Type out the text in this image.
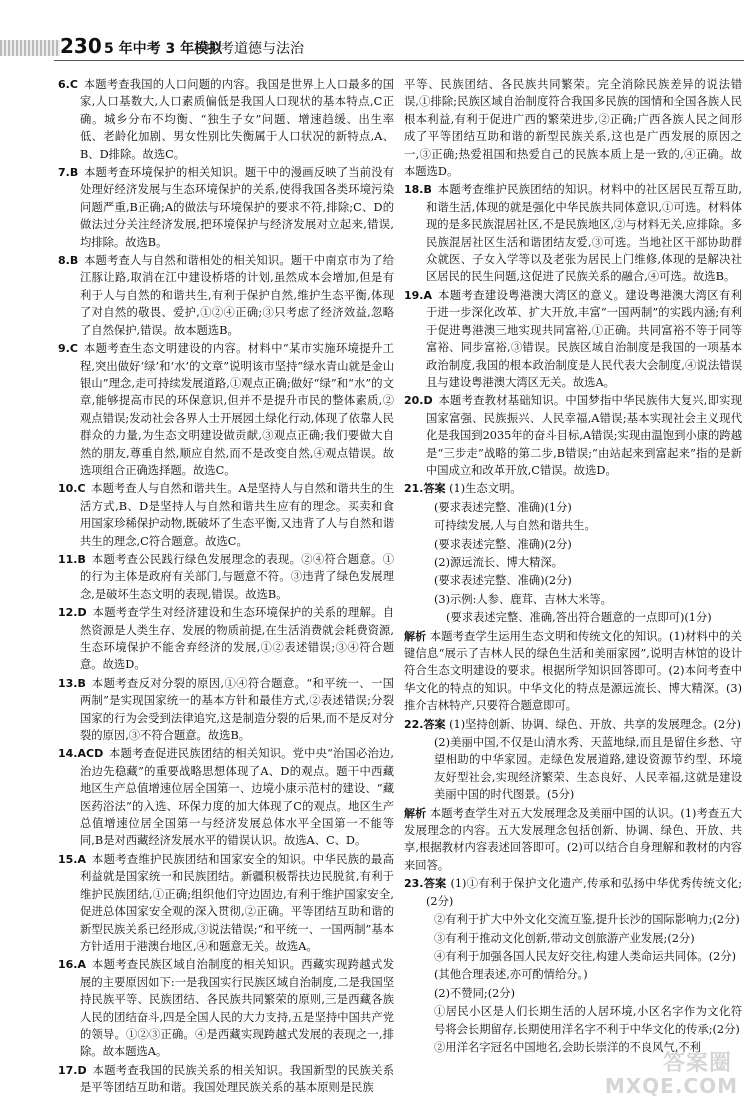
230 5 年中考 3 年模拟
中考道德与法治
6.C  本题考查我国的人口问题的内容。我国是世界上人口最多的国家,人口基数大,人口素质偏低是我国人口现状的基本特点,C正确。城乡分布不均衡、“独生子女”问题、增速趋缓、出生率低、老龄化加剧、男女性别比失衡属于人口状况的新特点,A、B、D排除。故选C。
7.B  本题考查环境保护的相关知识。题干中的漫画反映了当前没有处理好经济发展与生态环境保护的关系,使得我国各类环境污染问题严重,B正确;A的做法与环境保护的要求不符,排除;C、D的做法过分关注经济发展,把环境保护与经济发展对立起来,错误,均排除。故选B。
8.B  本题考查人与自然和谐相处的相关知识。题干中南京市为了给江豚让路,取消在江中建设桥塔的计划,虽然成本会增加,但是有利于人与自然的和谐共生,有利于保护自然,维护生态平衡,体现了对自然的敬畏、爱护,①②④正确;③只考虑了经济效益,忽略了自然保护,错误。故本题选B。
9.C  本题考查生态文明建设的内容。材料中“某市实施环境提升工程,突出做好‘绿’和‘水’的文章”说明该市坚持“绿水青山就是金山银山”理念,走可持续发展道路,①观点正确;做好“绿”和“水”的文章,能够提高市民的环保意识,但并不是提升市民的整体素质,②观点错误;发动社会各界人士开展园土绿化行动,体现了依靠人民群众的力量,为生态文明建设做贡献,③观点正确;我们要做大自然的朋友,尊重自然,顺应自然,而不是改变自然,④观点错误。故选项组合正确选择题。故选C。
10.C  本题考查人与自然和谐共生。A是坚持人与自然和谐共生的生活方式,B、D是坚持人与自然和谐共生应有的理念。买卖和食用国家珍稀保护动物,既破坏了生态平衡,又违背了人与自然和谐共生的理念,C符合题意。故选C。
11.B  本题考查公民践行绿色发展理念的表现。②④符合题意。①的行为主体是政府有关部门,与题意不符。③违背了绿色发展理念,是破坏生态文明的表现,错误。故选B。
12.D  本题考查学生对经济建设和生态环境保护的关系的理解。自然资源是人类生存、发展的物质前提,在生活消费就会耗费资源,生态环境保护不能舍弃经济的发展,①②表述错误;③④符合题意。故选D。
13.B  本题考查反对分裂的原因,①④符合题意。“和平统一、一国两制”是实现国家统一的基本方针和最佳方式,②表述错误;分裂国家的行为会受到法律追究,这是制造分裂的后果,而不是反对分裂的原因,③不符合题意。故选B。
14.ACD  本题考查促进民族团结的相关知识。党中央“治国必治边,治边先稳藏”的重要战略思想体现了A、D的观点。题干中西藏地区生产总值增速位居全国第一、边境小康示范村的建设、“藏医药浴法”的入选、环保力度的加大体现了C的观点。地区生产总值增速位居全国第一与经济发展总体水平全国第一不能等同,B是对西藏经济发展水平的错误认识。故选A、C、D。
15.A  本题考查维护民族团结和国家安全的知识。中华民族的最高利益就是国家统一和民族团结。新疆积极帮扶边民脱贫,有利于维护民族团结,①正确;组织他们守边固边,有利于维护国家安全,促进总体国家安全观的深入贯彻,②正确。平等团结互助和谐的新型民族关系已经形成,③说法错误;“和平统一、一国两制”基本方针适用于港澳台地区,④和题意无关。故选A。
16.A  本题考查民族区域自治制度的相关知识。西藏实现跨越式发展的主要原因如下:一是我国实行民族区域自治制度,二是我国坚持民族平等、民族团结、各民族共同繁荣的原则,三是西藏各族人民的团结奋斗,四是全国人民的大力支持,五是坚持中国共产党的领导。①②③正确。④是西藏实现跨越式发展的表现之一,排除。故本题选A。
17.D  本题考查我国的民族关系的相关知识。我国新型的民族关系是平等团结互助和谐。我国处理民族关系的基本原则是民族
平等、民族团结、各民族共同繁荣。完全消除民族差异的说法错误,①排除;民族区域自治制度符合我国多民族的国情和全国各族人民根本利益,有利于促进广西的繁荣进步,②正确;广西各族人民之间形成了平等团结互助和谐的新型民族关系,这也是广西发展的原因之一,③正确;热爱祖国和热爱自己的民族本质上是一致的,④正确。故本题选D。
18.B  本题考查维护民族团结的知识。材料中的社区居民互帮互助,和谐生活,体现的就是强化中华民族共同体意识,①可选。材料体现的是多民族混居社区,不是民族地区,②与材料无关,应排除。多民族混居社区生活和谐团结友爱,③可选。当地社区干部协助群众就医、子女入学等以及老张为居民上门维修,体现的是解决社区居民的民生问题,这促进了民族关系的融合,④可选。故选B。
19.A  本题考查建设粤港澳大湾区的意义。建设粤港澳大湾区有利于进一步深化改革、扩大开放,丰富“一国两制”的实践内涵;有利于促进粤港澳三地实现共同富裕,①正确。共同富裕不等于同等富裕、同步富裕,③错误。民族区域自治制度是我国的一项基本政治制度,我国的根本政治制度是人民代表大会制度,④说法错误且与建设粤港澳大湾区无关。故选A。
20.D  本题考查教材基础知识。中国梦指中华民族伟大复兴,即实现国家富强、民族振兴、人民幸福,A错误;基本实现社会主义现代化是我国到2035年的奋斗目标,A错误;实现由温饱到小康的跨越是“三步走”战略的第二步,B错误;“由站起来到富起来”指的是新中国成立和改革开放,C错误。故选D。
21.答案 (1)生态文明。
(要求表述完整、准确)(1分)
可持续发展,人与自然和谐共生。
(要求表述完整、准确)(2分)
(2)源远流长、博大精深。
(要求表述完整、准确)(2分)
(3)示例:人参、鹿茸、吉林大米等。
(要求表述完整、准确,答出符合题意的一点即可)(1分)
解析 本题考查学生运用生态文明和传统文化的知识。(1)材料中的关键信息“展示了吉林人民的绿色生活和美丽家园”,说明吉林馆的设计符合生态文明建设的要求。根据所学知识回答即可。(2)本问考查中华文化的特点的知识。中华文化的特点是源远流长、博大精深。(3)推介吉林特产,只要符合题意即可。
22.答案 (1)坚持创新、协调、绿色、开放、共享的发展理念。(2分)
(2)美丽中国,不仅是山清水秀、天蓝地绿,而且是留住乡愁、守望相助的中华家园。走绿色发展道路,建设资源节约型、环境友好型社会,实现经济繁荣、生态良好、人民幸福,这就是建设美丽中国的时代图景。(5分)
解析 本题考查学生对五大发展理念及美丽中国的认识。(1)考查五大发展理念的内容。五大发展理念包括创新、协调、绿色、开放、共享,根据教材内容表述回答即可。(2)可以结合自身理解和教材的内容来回答。
23.答案 (1)①有利于保护文化遗产,传承和弘扬中华优秀传统文化;(2分)
②有利于扩大中外文化交流互鉴,提升长沙的国际影响力;(2分)
③有利于推动文化创新,带动文创旅游产业发展;(2分)
④有利于加强各国人民友好交往,构建人类命运共同体。(2分)
(其他合理表述,亦可酌情给分。)
(2)不赞同;(2分)
①居民小区是人们长期生活的人居环境,小区名字作为文化符号将会长期留存,长期使用洋名字不利于中华文化的传承;(2分)
②用洋名字冠名中国地名,会助长崇洋的不良风气,不利
答案圈
MXQE.COM
